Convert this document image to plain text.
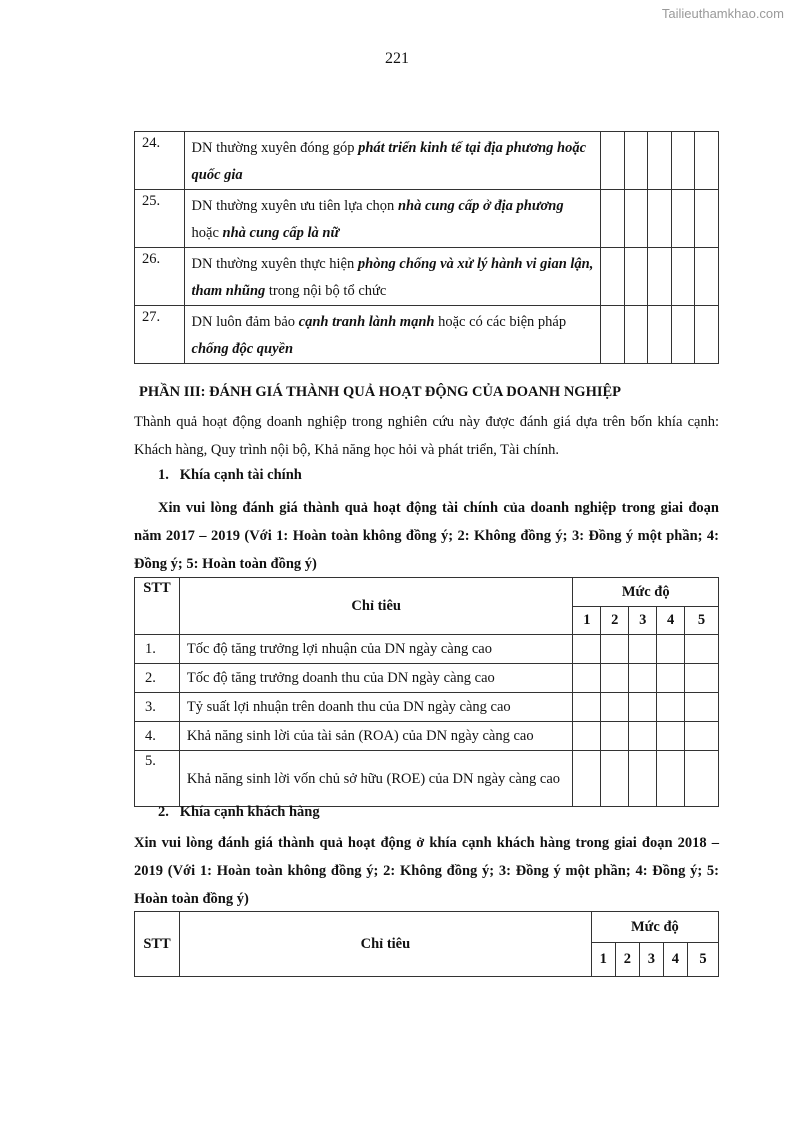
Tailieuthamkhao.com
221
24.	DN thường xuyên đóng góp phát triển kinh tế tại địa phương hoặc quốc gia					
25.	DN thường xuyên ưu tiên lựa chọn nhà cung cấp ở địa phương hoặc nhà cung cấp là nữ					
26.	DN thường xuyên thực hiện phòng chống và xử lý hành vi gian lận, tham nhũng trong nội bộ tổ chức					
27.	DN luôn đảm bảo cạnh tranh lành mạnh hoặc có các biện pháp chống độc quyền					
PHẦN III: ĐÁNH GIÁ THÀNH QUẢ HOẠT ĐỘNG CỦA DOANH NGHIỆP
Thành quả hoạt động doanh nghiệp trong nghiên cứu này được đánh giá dựa trên bốn khía cạnh: Khách hàng, Quy trình nội bộ, Khả năng học hỏi và phát triển, Tài chính.
1. Khía cạnh tài chính
Xin vui lòng đánh giá thành quả hoạt động tài chính của doanh nghiệp trong giai đoạn năm 2017 – 2019 (Với 1: Hoàn toàn không đồng ý; 2: Không đồng ý; 3: Đồng ý một phần; 4: Đồng ý; 5: Hoàn toàn đồng ý)
STT	Chỉ tiêu	Mức độ				
		1	2	3	4	5
1.	Tốc độ tăng trưởng lợi nhuận của DN ngày càng cao					
2.	Tốc độ tăng trưởng doanh thu của DN ngày càng cao					
3.	Tỷ suất lợi nhuận trên doanh thu của DN ngày càng cao					
4.	Khả năng sinh lời của tài sản (ROA) của DN ngày càng cao					
5.	Khả năng sinh lời vốn chủ sở hữu (ROE) của DN ngày càng cao					
2. Khía cạnh khách hàng
Xin vui lòng đánh giá thành quả hoạt động ở khía cạnh khách hàng trong giai đoạn 2018 – 2019 (Với 1: Hoàn toàn không đồng ý; 2: Không đồng ý; 3: Đồng ý một phần; 4: Đồng ý; 5: Hoàn toàn đồng ý)
STT	Chỉ tiêu	Mức độ				
		1	2	3	4	5
